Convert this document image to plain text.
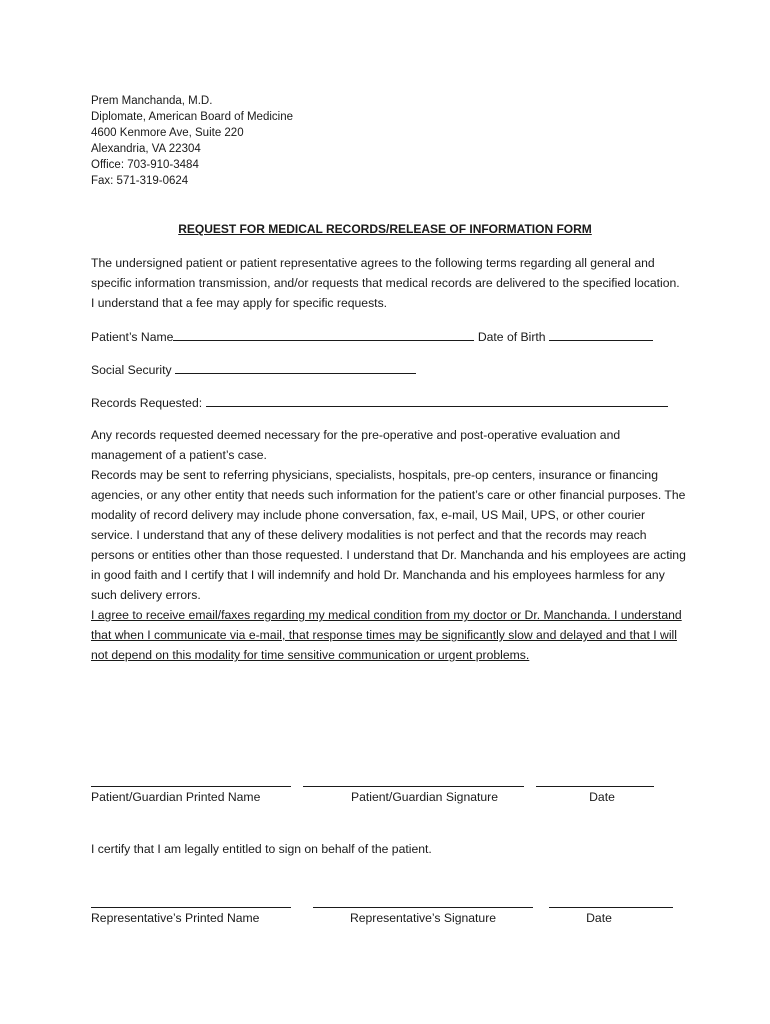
Prem Manchanda, M.D.
Diplomate, American Board of Medicine
4600 Kenmore Ave, Suite 220
Alexandria, VA 22304
Office: 703-910-3484
Fax: 571-319-0624
REQUEST FOR MEDICAL RECORDS/RELEASE OF INFORMATION FORM
The undersigned patient or patient representative agrees to the following terms regarding all general and specific information transmission, and/or requests that medical records are delivered to the specified location. I understand that a fee may apply for specific requests.
Patient’s Name	Date of Birth
Social Security
Records Requested:
Any records requested deemed necessary for the pre-operative and post-operative evaluation and management of a patient’s case.
Records may be sent to referring physicians, specialists, hospitals, pre-op centers, insurance or financing agencies, or any other entity that needs such information for the patient’s care or other financial purposes. The modality of record delivery may include phone conversation, fax, e-mail, US Mail, UPS, or other courier service. I understand that any of these delivery modalities is not perfect and that the records may reach persons or entities other than those requested. I understand that Dr. Manchanda and his employees are acting in good faith and I certify that I will indemnify and hold Dr. Manchanda and his employees harmless for any such delivery errors.
I agree to receive email/faxes regarding my medical condition from my doctor or Dr. Manchanda. I understand that when I communicate via e-mail, that response times may be significantly slow and delayed and that I will not depend on this modality for time sensitive communication or urgent problems.
Patient/Guardian Printed Name	Patient/Guardian Signature	Date
I certify that I am legally entitled to sign on behalf of the patient.
Representative’s Printed Name	Representative’s Signature	Date
